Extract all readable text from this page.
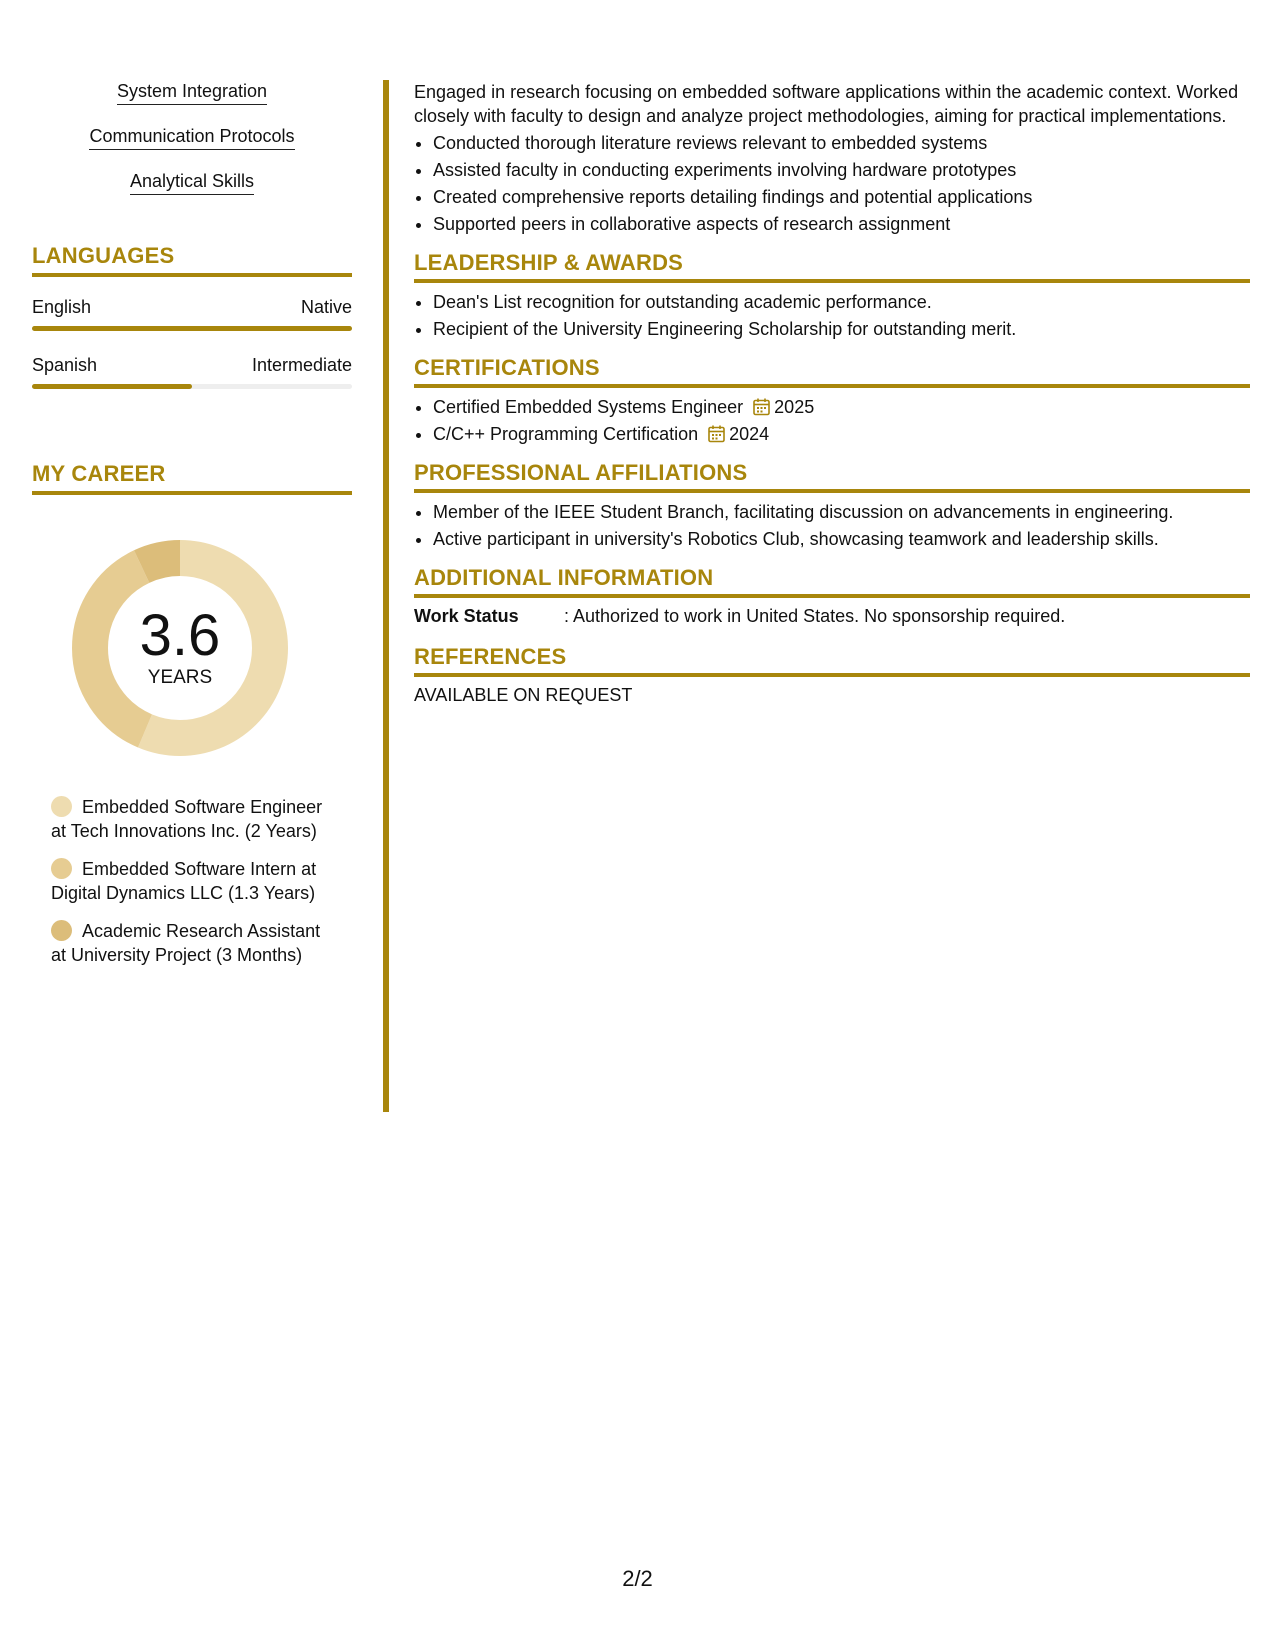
System Integration
Communication Protocols
Analytical Skills
LANGUAGES
English	Native
Spanish	Intermediate
MY CAREER
3.6
YEARS
Embedded Software Engineer at Tech Innovations Inc. (2 Years)
Embedded Software Intern at Digital Dynamics LLC (1.3 Years)
Academic Research Assistant at University Project (3 Months)
Engaged in research focusing on embedded software applications within the academic context. Worked closely with faculty to design and analyze project methodologies, aiming for practical implementations.
• Conducted thorough literature reviews relevant to embedded systems
• Assisted faculty in conducting experiments involving hardware prototypes
• Created comprehensive reports detailing findings and potential applications
• Supported peers in collaborative aspects of research assignment
LEADERSHIP & AWARDS
• Dean's List recognition for outstanding academic performance.
• Recipient of the University Engineering Scholarship for outstanding merit.
CERTIFICATIONS
• Certified Embedded Systems Engineer 2025
• C/C++ Programming Certification 2024
PROFESSIONAL AFFILIATIONS
• Member of the IEEE Student Branch, facilitating discussion on advancements in engineering.
• Active participant in university's Robotics Club, showcasing teamwork and leadership skills.
ADDITIONAL INFORMATION
Work Status	: Authorized to work in United States. No sponsorship required.
REFERENCES
AVAILABLE ON REQUEST
2/2
